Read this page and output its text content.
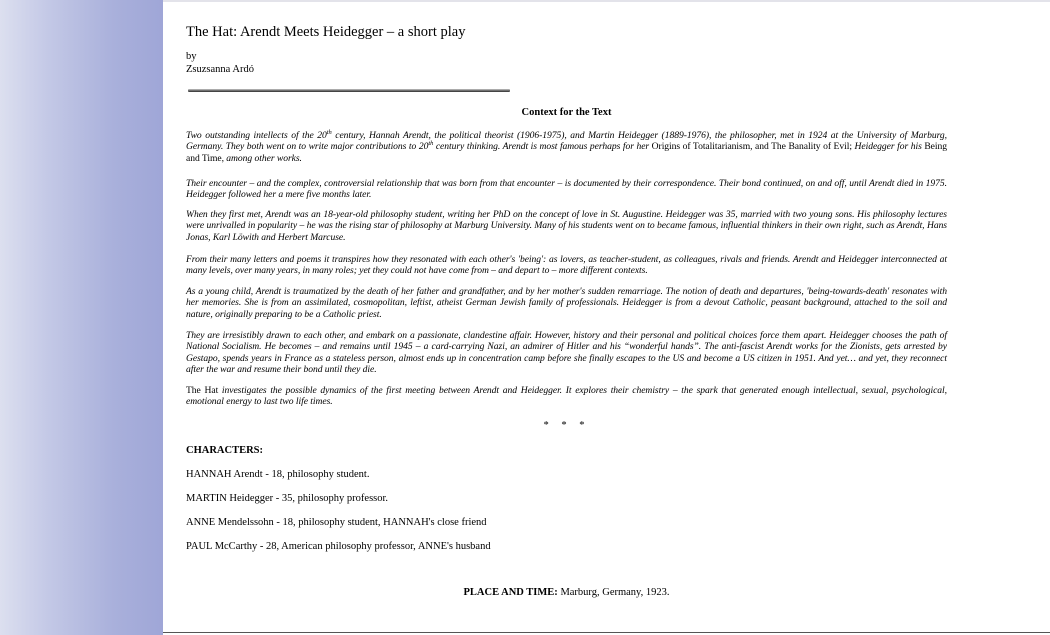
The Hat: Arendt Meets Heidegger – a short play
by
Zsuzsanna Ardó
Context for the Text
Two outstanding intellects of the 20th century, Hannah Arendt, the political theorist (1906-1975), and Martin Heidegger (1889-1976), the philosopher, met in 1924 at the University of Marburg, Germany. They both went on to write major contributions to 20th century thinking. Arendt is most famous perhaps for her Origins of Totalitarianism, and The Banality of Evil; Heidegger for his Being and Time, among other works.
Their encounter – and the complex, controversial relationship that was born from that encounter – is documented by their correspondence. Their bond continued, on and off, until Arendt died in 1975. Heidegger followed her a mere five months later.
When they first met, Arendt was an 18-year-old philosophy student, writing her PhD on the concept of love in St. Augustine. Heidegger was 35, married with two young sons. His philosophy lectures were unrivalled in popularity – he was the rising star of philosophy at Marburg University. Many of his students went on to became famous, influential thinkers in their own right, such as Arendt, Hans Jonas, Karl Löwith and Herbert Marcuse.
From their many letters and poems it transpires how they resonated with each other's 'being': as lovers, as teacher-student, as colleagues, rivals and friends. Arendt and Heidegger interconnected at many levels, over many years, in many roles; yet they could not have come from – and depart to – more different contexts.
As a young child, Arendt is traumatized by the death of her father and grandfather, and by her mother's sudden remarriage. The notion of death and departures, 'being-towards-death' resonates with her memories. She is from an assimilated, cosmopolitan, leftist, atheist German Jewish family of professionals. Heidegger is from a devout Catholic, peasant background, attached to the soil and nature, originally preparing to be a Catholic priest.
They are irresistibly drawn to each other, and embark on a passionate, clandestine affair. However, history and their personal and political choices force them apart. Heidegger chooses the path of National Socialism. He becomes – and remains until 1945 – a card-carrying Nazi, an admirer of Hitler and his “wonderful hands”. The anti-fascist Arendt works for the Zionists, gets arrested by Gestapo, spends years in France as a stateless person, almost ends up in concentration camp before she finally escapes to the US and become a US citizen in 1951. And yet… and yet, they reconnect after the war and resume their bond until they die.
The Hat investigates the possible dynamics of the first meeting between Arendt and Heidegger. It explores their chemistry – the spark that generated enough intellectual, sexual, psychological, emotional energy to last two life times.
* * *
CHARACTERS:
HANNAH Arendt - 18, philosophy student.
MARTIN Heidegger - 35, philosophy professor.
ANNE Mendelssohn - 18, philosophy student, HANNAH's close friend
PAUL McCarthy - 28, American philosophy professor, ANNE's husband
PLACE AND TIME: Marburg, Germany, 1923.
